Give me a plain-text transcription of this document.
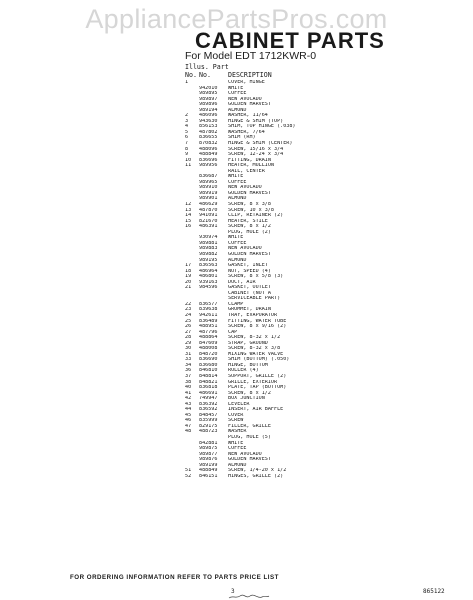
AppliancePartsPros.com
CABINET PARTS
For Model EDT 1712KWR-0
Illus. Part
No. No.	DESCRIPTION
1	COVER, HINGE
942010 WHITE
989895 COFFEE
989897 NEW AVOCADO
989896 GOLDEN HARVEST
989194 ALMOND
2 486096 WASHER, 11/64
3 943630 HINGE & SHIM (TOP)
4 856153 SHIM, TOP HINGE (.038)
5 487802 WASHER, 7/64
6 836655 SHIM (RH)
7 870832 HINGE & SHIM (CENTER)
8 488096 SCREW, 15/16 x 3/4
9 488849 SCREW, 12-24 x 3/4
10 836696 FITTING, DRAIN
11 989956 HEATER, MULLION
RAIL, CENTER
836687 WHITE
989965 COFFEE
989910 NEW AVOCADO
989919 GOLDEN HARVEST
989901 ALMOND
12 486629 SCREW, 8 x 3/8
13 487870 SCREW, 10 x 3/8
14 941091 CLIP, RETAINER (2)
15 821670 HEATER, STILE
16 486391 SCREW, 8 x 1/2
PLUG, HOLE (2)
930974 WHITE
989881 COFFEE
989883 NEW AVOCADO
989882 GOLDEN HARVEST
989195 ALMOND
17 836563 GASKET, INLET
18 486964 NUT, SPEED (4)
19 486801 SCREW, 8 x 5/8 (3)
20 939163 DUCT, AIR
21 984596 GASKET, OUTLET
CABINET (NOT A
SERVICEABLE PART)
22 836577 CLAMP
23 839638 GROMMET, DRAIN
24 942611 TRAY, EVAPORATOR
25 836489 FITTING, WATER TUBE
26 488951 SCREW, 8 x 9/16 (2)
27 487796 CAP
28 488864 SCREW, 8-32 x 1/2
29 847609 STRAP, GROUND
30 488008 SCREW, 8-32 x 3/8
31 848720 MIXING WATER VALVE
33 836690 SHIM (BOTTOM) (.050)
34 836680 HINGE, BOTTOM
36 846810 ROLLER (4)
37 848814 SUPPORT, GRILLE (2)
38 848821 GRILLE, EXTERIOR
40 836818 PLATE, TAP (BOTTOM)
41 486691 SCREW, 8 x 1/2
42 749947 BOX JUNCTION
43 836392 LEVELER
44 836592 INSERT, AIR BAFFLE
45 848457 COVER
46 835999 SCREW
47 829175 FILLER, GRILLE
48 488723 WASHER
PLUG, HOLE (5)
842881 WHITE
989875 COFFEE
989877 NEW AVOCADO
989876 GOLDEN HARVEST
989199 ALMOND
51 488849 SCREW, 1/4-20 x 1/2
52 846151 HINGES, GRILLE (2)
FOR ORDERING INFORMATION REFER TO PARTS PRICE LIST
3	865122
